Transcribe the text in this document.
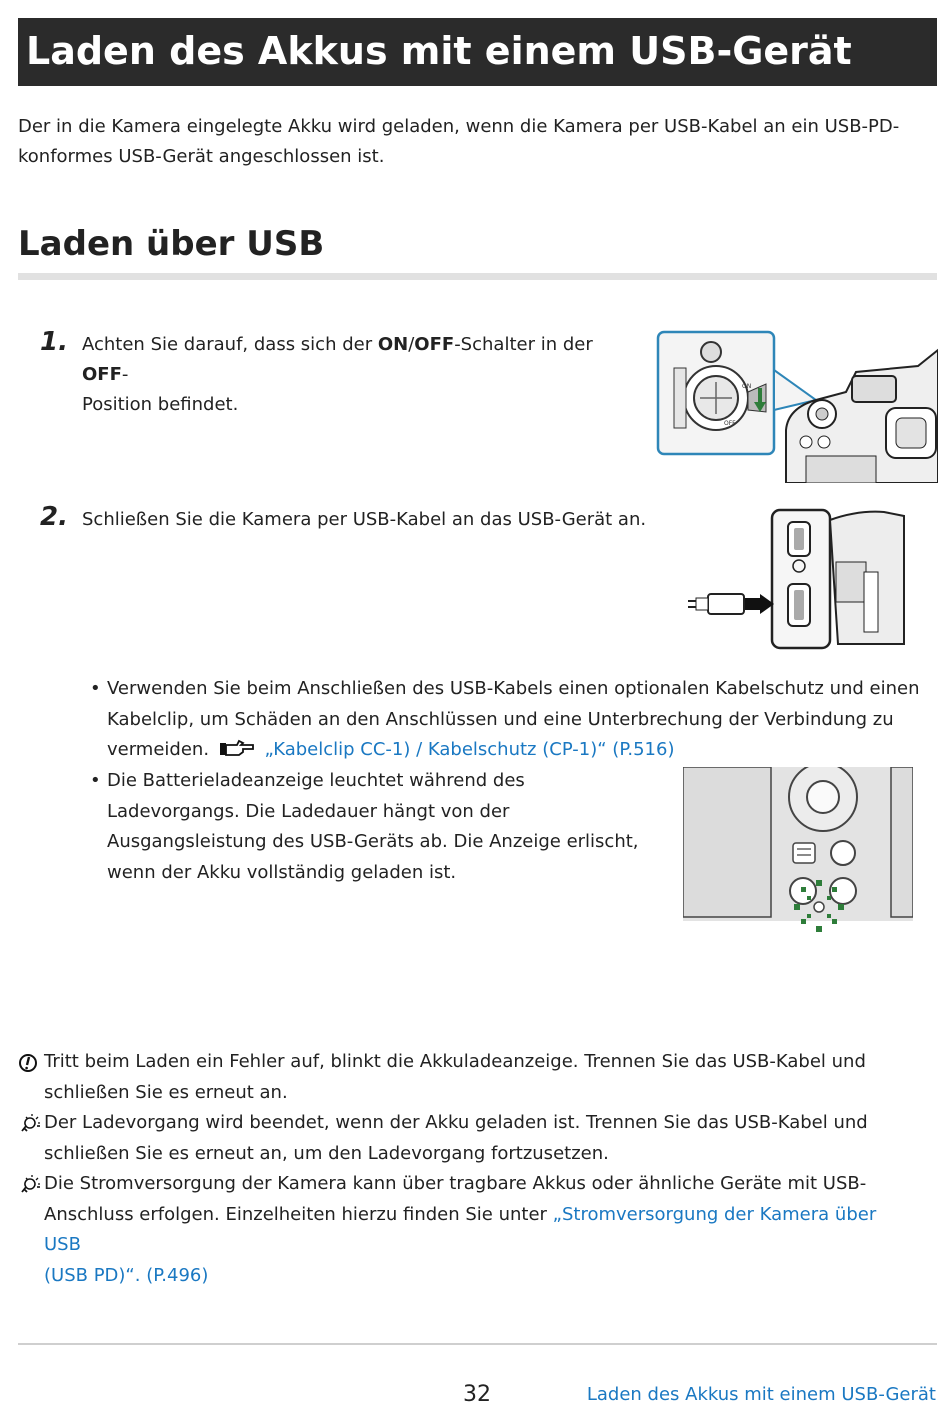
Laden des Akkus mit einem USB-Gerät
Der in die Kamera eingelegte Akku wird geladen, wenn die Kamera per USB-Kabel an ein USB-PD-
konformes USB-Gerät angeschlossen ist.
Laden über USB
1. Achten Sie darauf, dass sich der ON/OFF-Schalter in der OFF-
Position befindet.
ON
OFF
2. Schließen Sie die Kamera per USB-Kabel an das USB-Gerät an.
• Verwenden Sie beim Anschließen des USB-Kabels einen optionalen Kabelschutz und einen
Kabelclip, um Schäden an den Anschlüssen und eine Unterbrechung der Verbindung zu
vermeiden.	„Kabelclip CC-1) / Kabelschutz (CP-1)“ (P.516)
• Die Batterieladeanzeige leuchtet während des
Ladevorgangs. Die Ladedauer hängt von der
Ausgangsleistung des USB-Geräts ab. Die Anzeige erlischt,
wenn der Akku vollständig geladen ist.
Tritt beim Laden ein Fehler auf, blinkt die Akkuladeanzeige. Trennen Sie das USB-Kabel und
schließen Sie es erneut an.
Der Ladevorgang wird beendet, wenn der Akku geladen ist. Trennen Sie das USB-Kabel und
schließen Sie es erneut an, um den Ladevorgang fortzusetzen.
Die Stromversorgung der Kamera kann über tragbare Akkus oder ähnliche Geräte mit USB-
Anschluss erfolgen. Einzelheiten hierzu finden Sie unter „Stromversorgung der Kamera über USB
(USB PD)“. (P.496)
32	Laden des Akkus mit einem USB-Gerät
